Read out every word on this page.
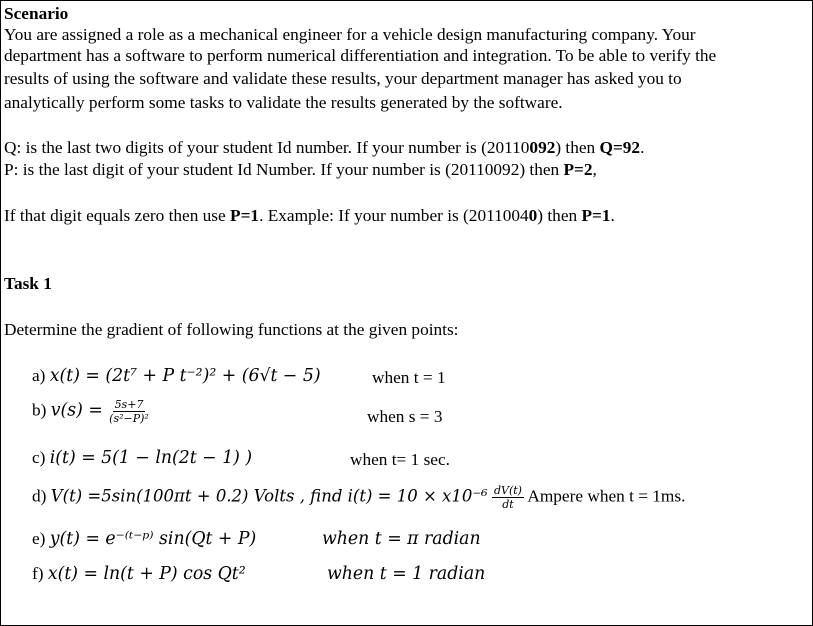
Scenario
You are assigned a role as a mechanical engineer for a vehicle design manufacturing company. Your
department has a software to perform numerical differentiation and integration. To be able to verify the
results of using the software and validate these results, your department manager has asked you to
analytically perform some tasks to validate the results generated by the software.
Q: is the last two digits of your student Id number. If your number is (20110092) then Q=92.
P: is the last digit of your student Id Number. If your number is (20110092) then P=2,
If that digit equals zero then use P=1. Example: If your number is (20110040) then P=1.
Task 1
Determine the gradient of following functions at the given points:
a) x(t) = (2t⁷ + P t⁻²)² + (6√t − 5)	when t = 1
b) $v(s) = \frac{5s+7}{\text{(s²−P)²}}$	when s = 3
c) i(t) = 5(1 − ln(2t − 1) )	when t= 1 sec.
d) V(t) =5sin(100πt + 0.2) Volts , find $i(t) = 10 \times x10^{-6} \frac{dV(t)}{dt}$ Ampere when t = 1ms.
e) y(t) = e⁻⁽ᵗ⁻ᵖ⁾ sin(Qt + P)	when t = π radian
f) x(t) = ln(t + P) cos Qt²	when t = 1 radian
